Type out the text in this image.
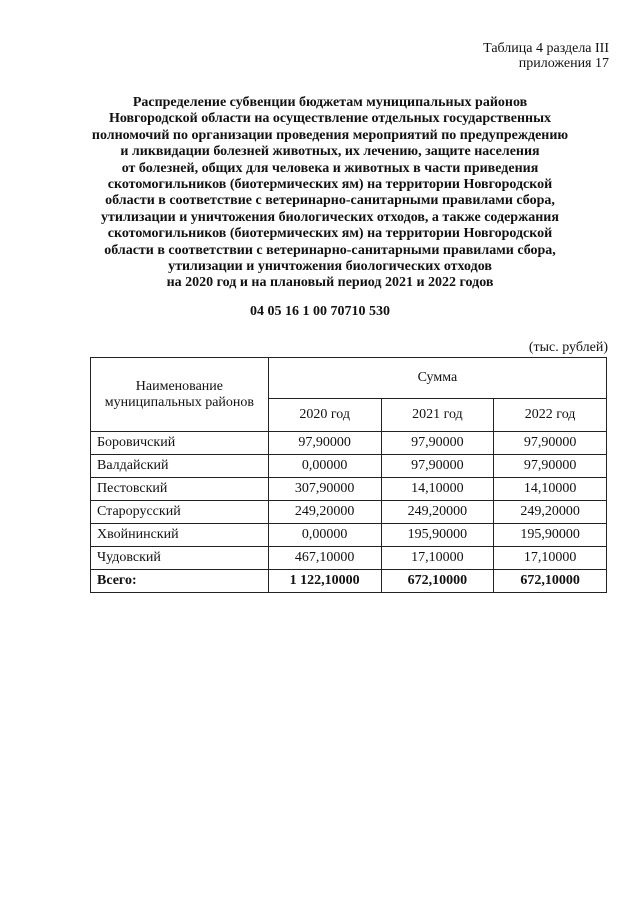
Таблица 4 раздела III
приложения 17
Распределение субвенции бюджетам муниципальных районов
Новгородской области на осуществление отдельных государственных
полномочий по организации проведения мероприятий по предупреждению
и ликвидации болезней животных, их лечению, защите населения
от болезней, общих для человека и животных в части приведения
скотомогильников (биотермических ям) на территории Новгородской
области в соответствие с ветеринарно-санитарными правилами сбора,
утилизации и уничтожения биологических отходов, а также содержания
скотомогильников (биотермических ям) на территории Новгородской
области в соответствии с ветеринарно-санитарными правилами сбора,
утилизации и уничтожения биологических отходов
на 2020 год и на плановый период 2021 и 2022 годов
04 05 16 1 00 70710 530
(тыс. рублей)
Наименование
муниципальных районов	Сумма		
	2020 год	2021 год	2022 год
Боровичский	97,90000	97,90000	97,90000
Валдайский	0,00000	97,90000	97,90000
Пестовский	307,90000	14,10000	14,10000
Старорусский	249,20000	249,20000	249,20000
Хвойнинский	0,00000	195,90000	195,90000
Чудовский	467,10000	17,10000	17,10000
Всего:	1 122,10000	672,10000	672,10000
